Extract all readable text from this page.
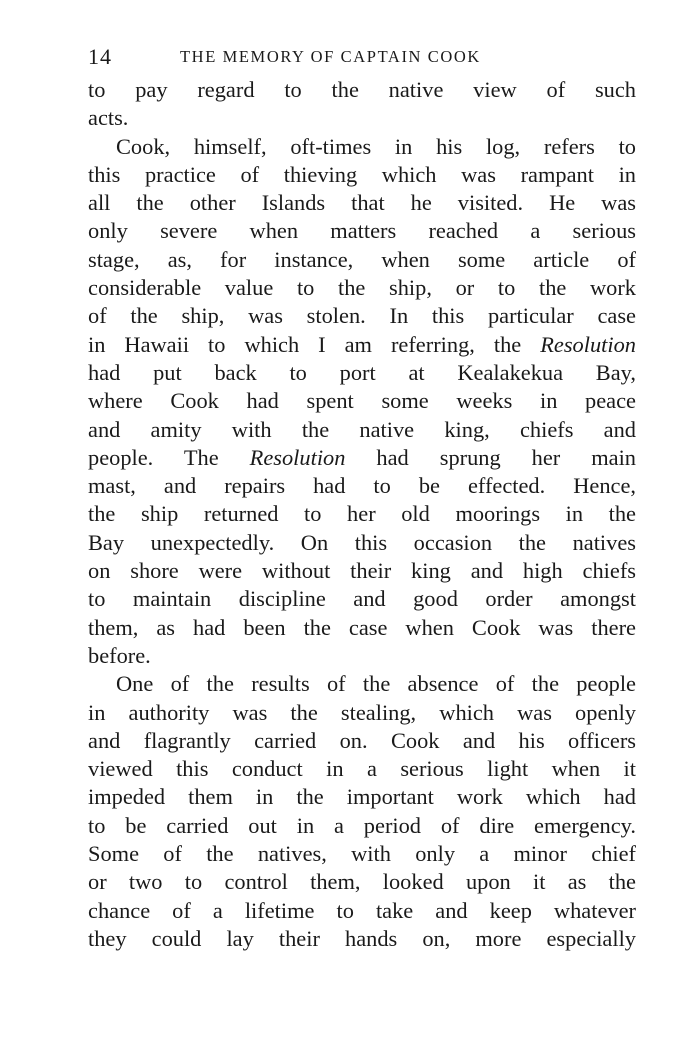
14	THE MEMORY OF CAPTAIN COOK
to pay regard to the native view of such
acts.
Cook, himself, oft-times in his log, refers to
this practice of thieving which was rampant in
all the other Islands that he visited. He was
only severe when matters reached a serious
stage, as, for instance, when some article of
considerable value to the ship, or to the work
of the ship, was stolen. In this particular case
in Hawaii to which I am referring, the Resolution
had put back to port at Kealakekua Bay,
where Cook had spent some weeks in peace
and amity with the native king, chiefs and
people. The Resolution had sprung her main
mast, and repairs had to be effected. Hence,
the ship returned to her old moorings in the
Bay unexpectedly. On this occasion the natives
on shore were without their king and high chiefs
to maintain discipline and good order amongst
them, as had been the case when Cook was there
before.
One of the results of the absence of the people
in authority was the stealing, which was openly
and flagrantly carried on. Cook and his officers
viewed this conduct in a serious light when it
impeded them in the important work which had
to be carried out in a period of dire emergency.
Some of the natives, with only a minor chief
or two to control them, looked upon it as the
chance of a lifetime to take and keep whatever
they could lay their hands on, more especially
